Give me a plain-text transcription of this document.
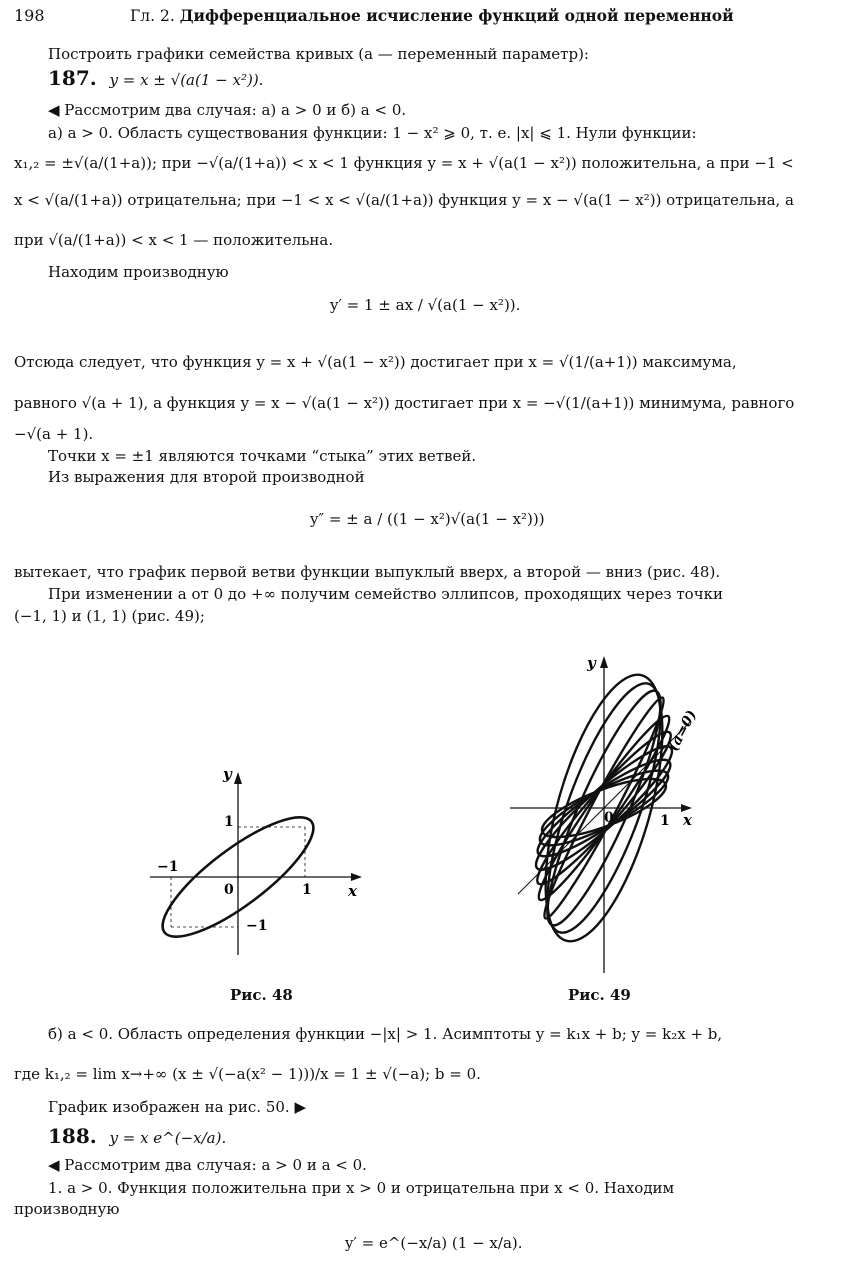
198	Гл. 2. Дифференциальное исчисление функций одной переменной
Построить графики семейства кривых (a — переменный параметр):
187. y = x ± √(a(1 − x²)).
◀ Рассмотрим два случая: а) a > 0 и б) a < 0.
а) a > 0. Область существования функции: 1 − x² ⩾ 0, т. е. |x| ⩽ 1. Нули функции:
x₁,₂ = ±√(a/(1+a)); при −√(a/(1+a)) < x < 1 функция y = x + √(a(1 − x²)) положительна, а при −1 <
x < √(a/(1+a)) отрицательна; при −1 < x < √(a/(1+a)) функция y = x − √(a(1 − x²)) отрицательна, а
при √(a/(1+a)) < x < 1 — положительна.
Находим производную
y′ = 1 ± ax / √(a(1 − x²)).
Отсюда следует, что функция y = x + √(a(1 − x²)) достигает при x = √(1/(a+1)) максимума,
равного √(a + 1), а функция y = x − √(a(1 − x²)) достигает при x = −√(1/(a+1)) минимума, равного
−√(a + 1).
Точки x = ±1 являются точками “стыка” этих ветвей.
Из выражения для второй производной
y″ = ± a / ((1 − x²)√(a(1 − x²)))
вытекает, что график первой ветви функции выпуклый вверх, а второй — вниз (рис. 48).
При изменении a от 0 до +∞ получим семейство эллипсов, проходящих через точки
(−1, 1) и (1, 1) (рис. 49);
y
x
0	1
−1
1
−1
Рис. 48
y
x
0	1
(a=0)
Рис. 49
б) a < 0. Область определения функции −|x| > 1. Асимптоты y = k₁x + b; y = k₂x + b,
где k₁,₂ = lim x→+∞ (x ± √(−a(x² − 1)))/x = 1 ± √(−a); b = 0.
График изображен на рис. 50. ▶
188. y = x e^(−x/a).
◀ Рассмотрим два случая: a > 0 и a < 0.
1. a > 0. Функция положительна при x > 0 и отрицательна при x < 0. Находим
производную
y′ = e^(−x/a) (1 − x/a).
